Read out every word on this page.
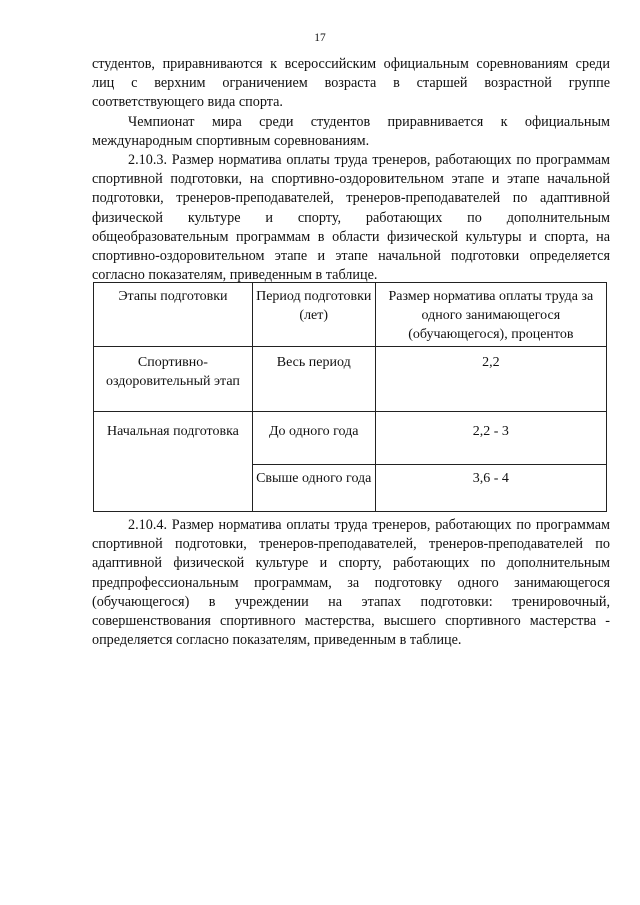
17

студентов, приравниваются к всероссийским официальным соревнованиям среди лиц с верхним ограничением возраста в старшей возрастной группе соответствующего вида спорта.

Чемпионат мира среди студентов приравнивается к официальным международным спортивным соревнованиям.

2.10.3. Размер норматива оплаты труда тренеров, работающих по программам спортивной подготовки, на спортивно-оздоровительном этапе и этапе начальной подготовки, тренеров-преподавателей, тренеров-преподавателей по адаптивной физической культуре и спорту, работающих по дополнительным общеобразовательным программам в области физической культуры и спорта, на спортивно-оздоровительном этапе и этапе начальной подготовки определяется согласно показателям, приведенным в таблице.

Этапы подготовки	Период подготовки (лет)	Размер норматива оплаты труда за одного занимающегося (обучающегося), процентов
Спортивно-оздоровительный этап	Весь период	2,2
Начальная подготовка	До одного года	2,2 - 3
	Свыше одного года	3,6 - 4

2.10.4. Размер норматива оплаты труда тренеров, работающих по программам спортивной подготовки, тренеров-преподавателей, тренеров-преподавателей по адаптивной физической культуре и спорту, работающих по дополнительным предпрофессиональным программам, за подготовку одного занимающегося (обучающегося) в учреждении на этапах подготовки: тренировочный, совершенствования спортивного мастерства, высшего спортивного мастерства - определяется согласно показателям, приведенным в таблице.
